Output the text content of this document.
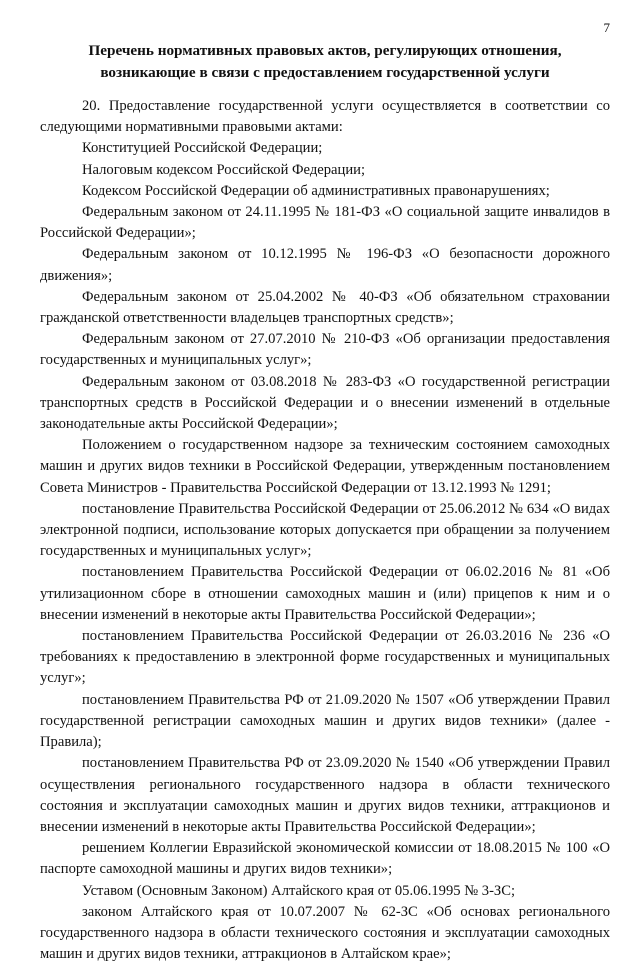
7
Перечень нормативных правовых актов, регулирующих отношения,
возникающие в связи с предоставлением государственной услуги

20. Предоставление государственной услуги осуществляется в соответствии со следующими нормативными правовыми актами:

Конституцией Российской Федерации;

Налоговым кодексом Российской Федерации;

Кодексом Российской Федерации об административных правонарушениях;

Федеральным законом от 24.11.1995 № 181-ФЗ «О социальной защите инвалидов в Российской Федерации»;

Федеральным законом от 10.12.1995 № 196-ФЗ «О безопасности дорожного движения»;

Федеральным законом от 25.04.2002 № 40-ФЗ «Об обязательном страховании гражданской ответственности владельцев транспортных средств»;

Федеральным законом от 27.07.2010 № 210-ФЗ «Об организации предоставления государственных и муниципальных услуг»;

Федеральным законом от 03.08.2018 № 283-ФЗ «О государственной регистрации транспортных средств в Российской Федерации и о внесении изменений в отдельные законодательные акты Российской Федерации»;

Положением о государственном надзоре за техническим состоянием самоходных машин и других видов техники в Российской Федерации, утвержденным постановлением Совета Министров - Правительства Российской Федерации от 13.12.1993 № 1291;

постановление Правительства Российской Федерации от 25.06.2012 № 634 «О видах электронной подписи, использование которых допускается при обращении за получением государственных и муниципальных услуг»;

постановлением Правительства Российской Федерации от 06.02.2016 № 81 «Об утилизационном сборе в отношении самоходных машин и (или) прицепов к ним и о внесении изменений в некоторые акты Правительства Российской Федерации»;

постановлением Правительства Российской Федерации от 26.03.2016 № 236 «О требованиях к предоставлению в электронной форме государственных и муниципальных услуг»;

постановлением Правительства РФ от 21.09.2020 № 1507 «Об утверждении Правил государственной регистрации самоходных машин и других видов техники» (далее - Правила);

постановлением Правительства РФ от 23.09.2020 № 1540 «Об утверждении Правил осуществления регионального государственного надзора в области технического состояния и эксплуатации самоходных машин и других видов техники, аттракционов и внесении изменений в некоторые акты Правительства Российской Федерации»;

решением Коллегии Евразийской экономической комиссии от 18.08.2015 № 100 «О паспорте самоходной машины и других видов техники»;

Уставом (Основным Законом) Алтайского края от 05.06.1995 № 3-ЗС;

законом Алтайского края от 10.07.2007 № 62-ЗС «Об основах регионального государственного надзора в области технического состояния и эксплуатации самоходных машин и других видов техники, аттракционов в Алтайском крае»;
